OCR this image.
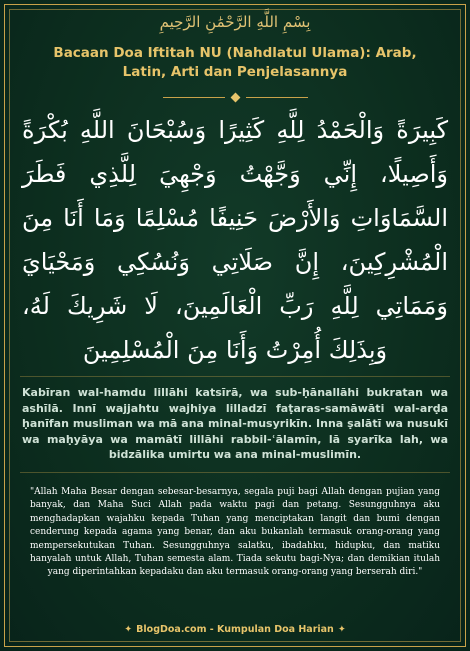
بِسْمِ اللَّهِ الرَّحْمَٰنِ الرَّحِيمِ
Bacaan Doa Iftitah NU (Nahdlatul Ulama): Arab, Latin, Arti dan Penjelasannya
كَبِيرَةً وَالْحَمْدُ لِلَّهِ كَثِيرًا وَسُبْحَانَ اللَّهِ بُكْرَةً وَأَصِيلًا، إِنِّي وَجَّهْتُ وَجْهِيَ لِلَّذِي فَطَرَ السَّمَاوَاتِ وَالأَرْضَ حَنِيفًا مُسْلِمًا وَمَا أَنَا مِنَ الْمُشْرِكِينَ، إِنَّ صَلَاتِي وَنُسُكِي وَمَحْيَايَ وَمَمَاتِي لِلَّهِ رَبِّ الْعَالَمِينَ، لَا شَرِيكَ لَهُ، وَبِذَلِكَ أُمِرْتُ وَأَنَا مِنَ الْمُسْلِمِينَ
Kabīran wal-hamdu lillāhi katsīrā, wa sub-ḥānallāhi bukratan wa ashīlā. Innī wajjahtu wajhiya lilladzī faṭaras-samāwāti wal-arḍa ḥanīfan musliman wa mā ana minal-musyrikīn. Inna ṣalātī wa nusukī wa maḥyāya wa mamātī lillāhi rabbil-ʿālamīn, lā syarīka lah, wa bidzālika umirtu wa ana minal-muslimīn.
"Allah Maha Besar dengan sebesar-besarnya, segala puji bagi Allah dengan pujian yang banyak, dan Maha Suci Allah pada waktu pagi dan petang. Sesungguhnya aku menghadapkan wajahku kepada Tuhan yang menciptakan langit dan bumi dengan cenderung kepada agama yang benar, dan aku bukanlah termasuk orang-orang yang mempersekutukan Tuhan. Sesungguhnya salatku, ibadahku, hidupku, dan matiku hanyalah untuk Allah, Tuhan semesta alam. Tiada sekutu bagi-Nya; dan demikian itulah yang diperintahkan kepadaku dan aku termasuk orang-orang yang berserah diri."
✦ BlogDoa.com - Kumpulan Doa Harian ✦
